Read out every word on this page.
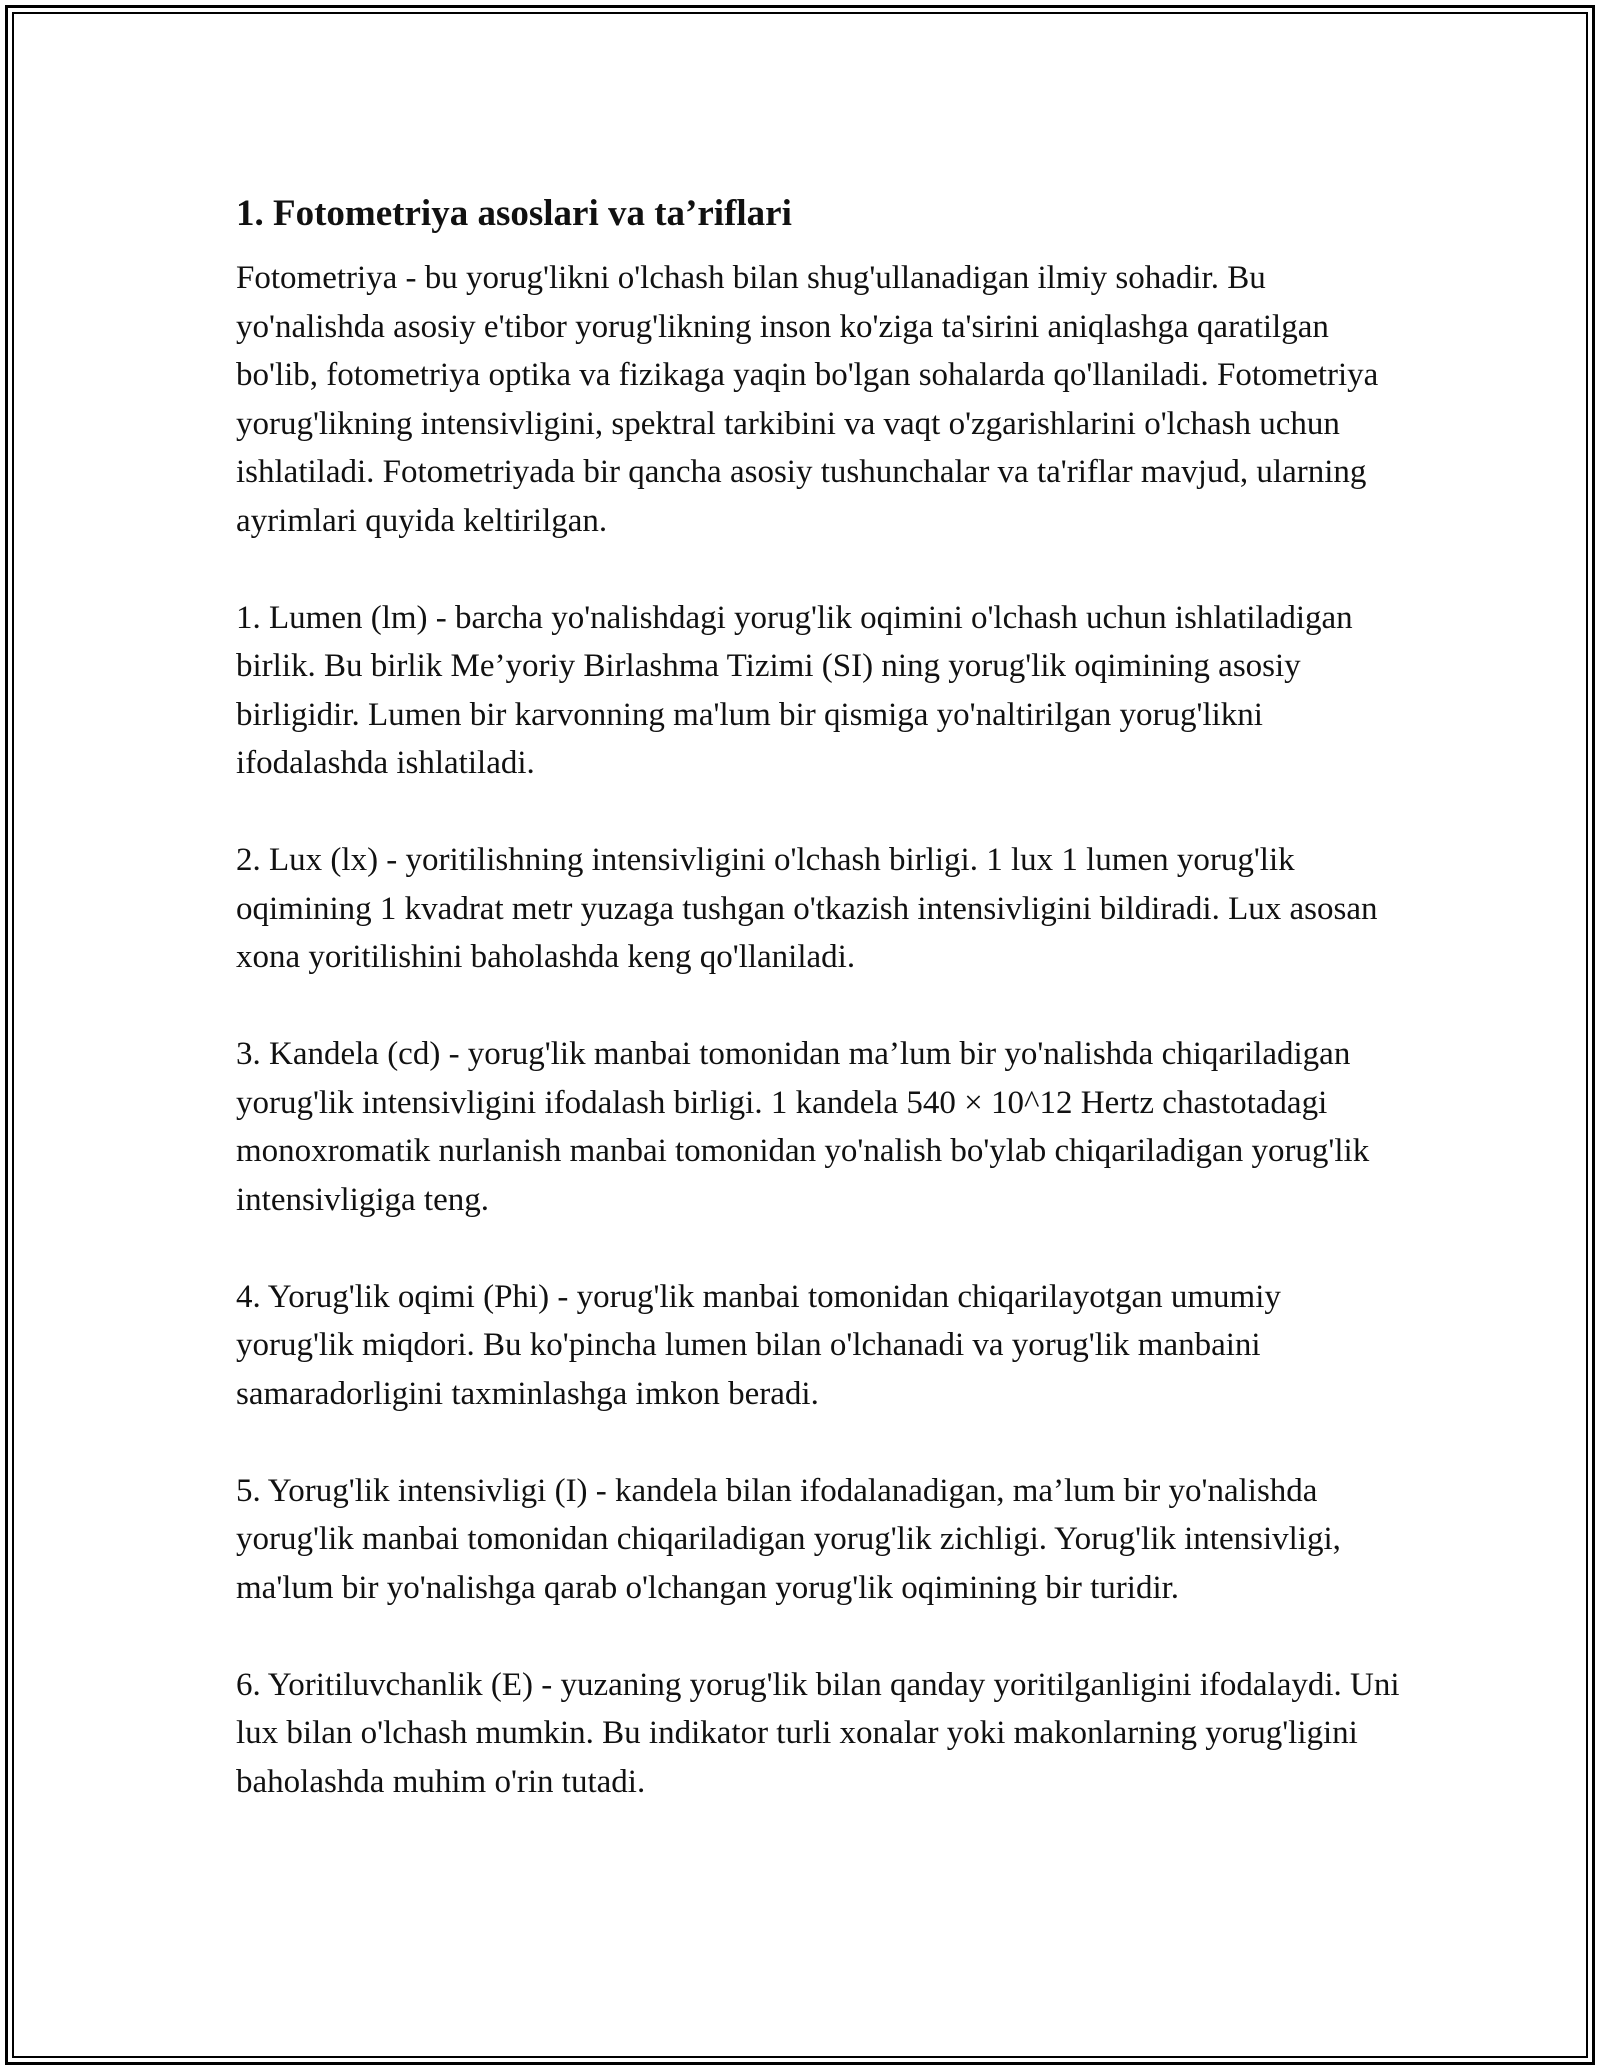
1. Fotometriya asoslari va ta’riflari

Fotometriya - bu yorug'likni o'lchash bilan shug'ullanadigan ilmiy sohadir. Bu yo'nalishda asosiy e'tibor yorug'likning inson ko'ziga ta'sirini aniqlashga qaratilgan bo'lib, fotometriya optika va fizikaga yaqin bo'lgan sohalarda qo'llaniladi. Fotometriya yorug'likning intensivligini, spektral tarkibini va vaqt o'zgarishlarini o'lchash uchun ishlatiladi. Fotometriyada bir qancha asosiy tushunchalar va ta'riflar mavjud, ularning ayrimlari quyida keltirilgan.

1. Lumen (lm) - barcha yo'nalishdagi yorug'lik oqimini o'lchash uchun ishlatiladigan birlik. Bu birlik Me’yoriy Birlashma Tizimi (SI) ning yorug'lik oqimining asosiy birligidir. Lumen bir karvonning ma'lum bir qismiga yo'naltirilgan yorug'likni ifodalashda ishlatiladi.

2. Lux (lx) - yoritilishning intensivligini o'lchash birligi. 1 lux 1 lumen yorug'lik oqimining 1 kvadrat metr yuzaga tushgan o'tkazish intensivligini bildiradi. Lux asosan xona yoritilishini baholashda keng qo'llaniladi.

3. Kandela (cd) - yorug'lik manbai tomonidan ma’lum bir yo'nalishda chiqariladigan yorug'lik intensivligini ifodalash birligi. 1 kandela 540 × 10^12 Hertz chastotadagi monoxromatik nurlanish manbai tomonidan yo'nalish bo'ylab chiqariladigan yorug'lik intensivligiga teng.

4. Yorug'lik oqimi (Phi) - yorug'lik manbai tomonidan chiqarilayotgan umumiy yorug'lik miqdori. Bu ko'pincha lumen bilan o'lchanadi va yorug'lik manbaini samaradorligini taxminlashga imkon beradi.

5. Yorug'lik intensivligi (I) - kandela bilan ifodalanadigan, ma’lum bir yo'nalishda yorug'lik manbai tomonidan chiqariladigan yorug'lik zichligi. Yorug'lik intensivligi, ma'lum bir yo'nalishga qarab o'lchangan yorug'lik oqimining bir turidir.

6. Yoritiluvchanlik (E) - yuzaning yorug'lik bilan qanday yoritilganligini ifodalaydi. Uni lux bilan o'lchash mumkin. Bu indikator turli xonalar yoki makonlarning yorug'ligini baholashda muhim o'rin tutadi.
